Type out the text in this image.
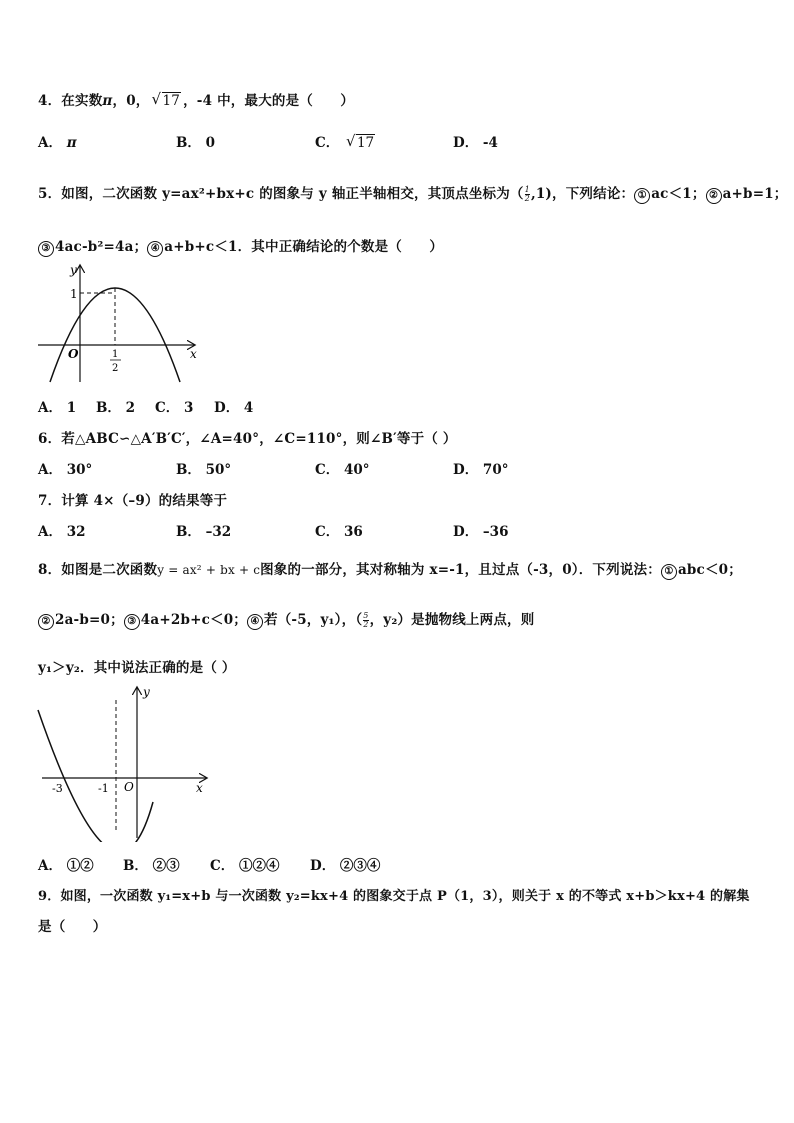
4．在实数π，0， √ 17 ，-4 中，最大的是（　　）
A． π	B． 0	C． √ 17	D． -4
5．如图，二次函数 y=ax²+bx+c 的图象与 y 轴正半轴相交，其顶点坐标为（ $\frac{1}{2} ,1$)，下列结论： ① ac＜1； ② a+b=1；
③ 4ac-b²=4a； ④ a+b+c＜1．其中正确结论的个数是（　　）
y
x
O
1
1
2
A． 1 B． 2 C． 3 D． 4
6．若△ABC∽△A′B′C′，∠A=40°，∠C=110°，则∠B′等于（ ）
A． 30°	B． 50°	C． 40°	D． 70°
7．计算 4×（–9）的结果等于
A． 32	B． –32	C． 36	D． –36
8．如图是二次函数y = ax² + bx + c图象的一部分，其对称轴为 x=-1，且过点（-3，0）．下列说法： ① abc＜0；
② 2a-b=0； ③ 4a+2b+c＜0； ④ 若（-5，y₁），（ $\frac{5}{2}$ ，y₂）是抛物线上两点，则
y₁＞y₂．其中说法正确的是（ ）
y
x
O
-3	-1
A． ①② B． ②③ C． ①②④ D． ②③④
9．如图，一次函数 y₁=x+b 与一次函数 y₂=kx+4 的图象交于点 P（1，3），则关于 x 的不等式 x+b＞kx+4 的解集
是（　　）
